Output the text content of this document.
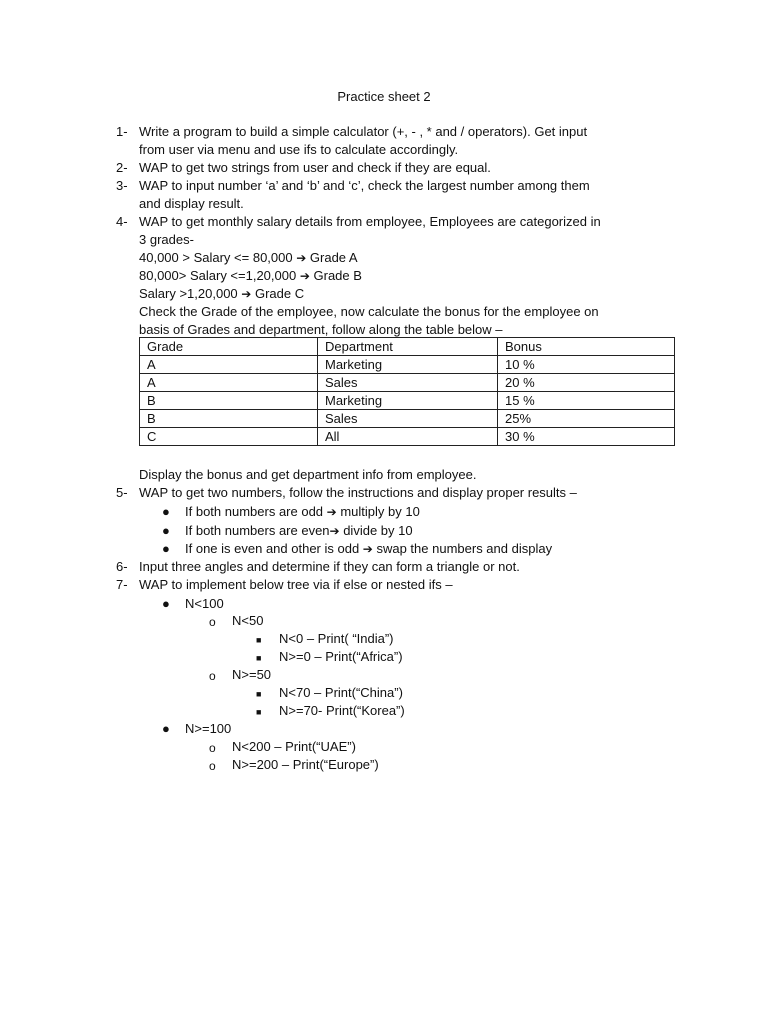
Practice sheet 2
1- Write a program to build a simple calculator (+, - , * and / operators). Get input
from user via menu and use ifs to calculate accordingly.
2- WAP to get two strings from user and check if they are equal.
3- WAP to input number ‘a’ and ‘b’ and ‘c’, check the largest number among them
and display result.
4- WAP to get monthly salary details from employee, Employees are categorized in
3 grades-
40,000 > Salary <= 80,000 ➔ Grade A
80,000> Salary <=1,20,000 ➔ Grade B
Salary >1,20,000 ➔ Grade C
Check the Grade of the employee, now calculate the bonus for the employee on
basis of Grades and department, follow along the table below –
Grade	Department	Bonus
A	Marketing	10 %
A	Sales	20 %
B	Marketing	15 %
B	Sales	25%
C	All	30 %
Display the bonus and get department info from employee.
5- WAP to get two numbers, follow the instructions and display proper results –
● If both numbers are odd ➔ multiply by 10
● If both numbers are even➔ divide by 10
● If one is even and other is odd ➔ swap the numbers and display
6- Input three angles and determine if they can form a triangle or not.
7- WAP to implement below tree via if else or nested ifs –
● N<100
o N<50
■ N<0 – Print( “India”)
■ N>=0 – Print(“Africa”)
o N>=50
■ N<70 – Print(“China”)
■ N>=70- Print(“Korea”)
● N>=100
o N<200 – Print(“UAE”)
o N>=200 – Print(“Europe”)
